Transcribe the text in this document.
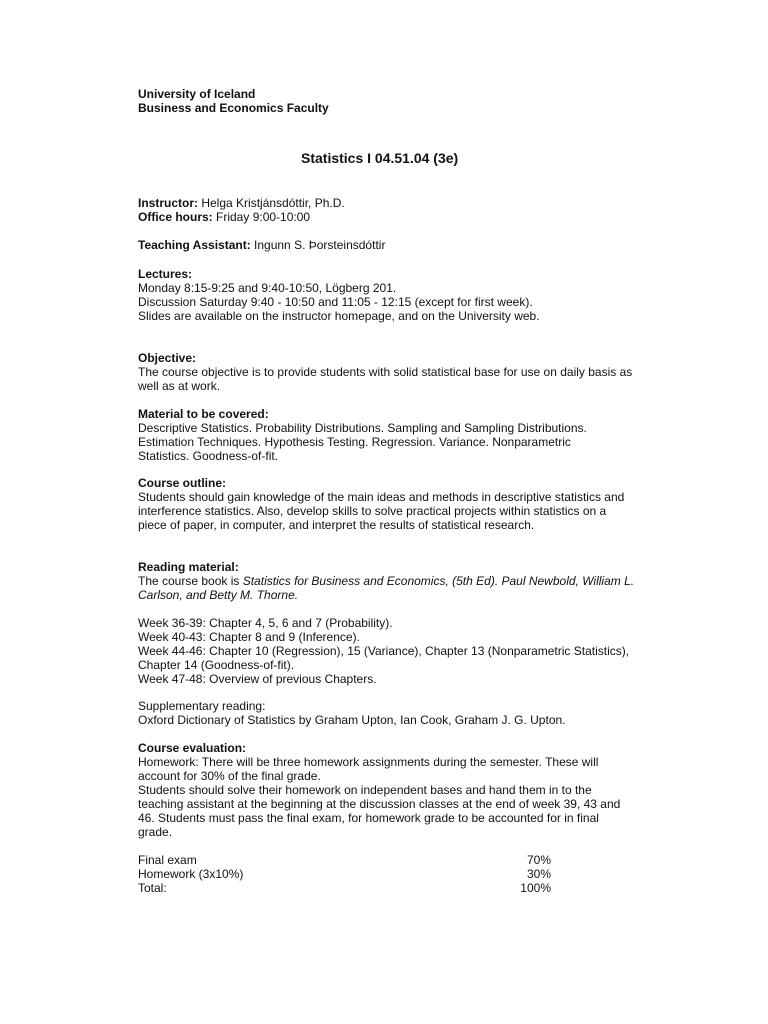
University of Iceland
Business and Economics Faculty
Statistics I 04.51.04 (3e)
Instructor: Helga Kristjánsdóttir, Ph.D.
Office hours: Friday 9:00-10:00
Teaching Assistant: Ingunn S. Þorsteinsdóttir
Lectures:
Monday 8:15-9:25 and 9:40-10:50, Lögberg 201.
Discussion Saturday 9:40 - 10:50 and 11:05 - 12:15 (except for first week).
Slides are available on the instructor homepage, and on the University web.
Objective:
The course objective is to provide students with solid statistical base for use on daily basis as
well as at work.
Material to be covered:
Descriptive Statistics. Probability Distributions. Sampling and Sampling Distributions.
Estimation Techniques. Hypothesis Testing. Regression. Variance. Nonparametric
Statistics. Goodness-of-fit.
Course outline:
Students should gain knowledge of the main ideas and methods in descriptive statistics and
interference statistics. Also, develop skills to solve practical projects within statistics on a
piece of paper, in computer, and interpret the results of statistical research.
Reading material:
The course book is Statistics for Business and Economics, (5th Ed). Paul Newbold, William L.
Carlson, and Betty M. Thorne.
Week 36-39: Chapter 4, 5, 6 and 7 (Probability).
Week 40-43: Chapter 8 and 9 (Inference).
Week 44-46: Chapter 10 (Regression), 15 (Variance), Chapter 13 (Nonparametric Statistics),
Chapter 14 (Goodness-of-fit).
Week 47-48: Overview of previous Chapters.
Supplementary reading:
Oxford Dictionary of Statistics by Graham Upton, Ian Cook, Graham J. G. Upton.
Course evaluation:
Homework: There will be three homework assignments during the semester. These will
account for 30% of the final grade.
Students should solve their homework on independent bases and hand them in to the
teaching assistant at the beginning at the discussion classes at the end of week 39, 43 and
46. Students must pass the final exam, for homework grade to be accounted for in final
grade.
Final exam	70%
Homework (3x10%)	30%
Total:	100%
